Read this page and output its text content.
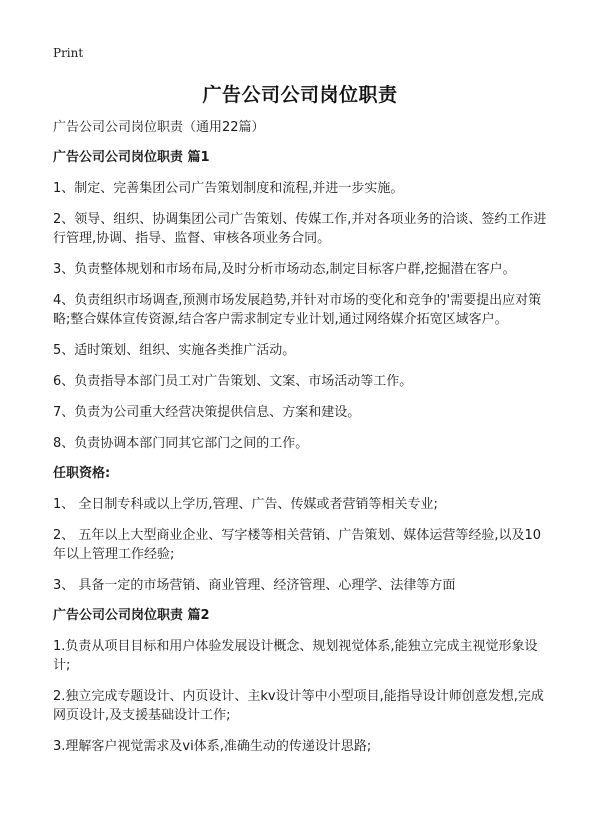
Print
广告公司公司岗位职责

广告公司公司岗位职责（通用22篇）

广告公司公司岗位职责 篇1

1、制定、完善集团公司广告策划制度和流程,并进一步实施。

2、领导、组织、协调集团公司广告策划、传媒工作,并对各项业务的洽谈、签约工作进行管理,协调、指导、监督、审核各项业务合同。

3、负责整体规划和市场布局,及时分析市场动态,制定目标客户群,挖掘潜在客户。

4、负责组织市场调查,预测市场发展趋势,并针对市场的变化和竞争的'需要提出应对策略;整合媒体宣传资源,结合客户需求制定专业计划,通过网络媒介拓宽区域客户。

5、适时策划、组织、实施各类推广活动。

6、负责指导本部门员工对广告策划、文案、市场活动等工作。

7、负责为公司重大经营决策提供信息、方案和建设。

8、负责协调本部门同其它部门之间的工作。

任职资格:

1、 全日制专科或以上学历,管理、广告、传媒或者营销等相关专业;

2、 五年以上大型商业企业、写字楼等相关营销、广告策划、媒体运营等经验,以及10年以上管理工作经验;

3、 具备一定的市场营销、商业管理、经济管理、心理学、法律等方面

广告公司公司岗位职责 篇2

1.负责从项目目标和用户体验发展设计概念、规划视觉体系,能独立完成主视觉形象设计;

2.独立完成专题设计、内页设计、主kv设计等中小型项目,能指导设计师创意发想,完成网页设计,及支援基础设计工作;

3.理解客户视觉需求及vi体系,准确生动的传递设计思路;
